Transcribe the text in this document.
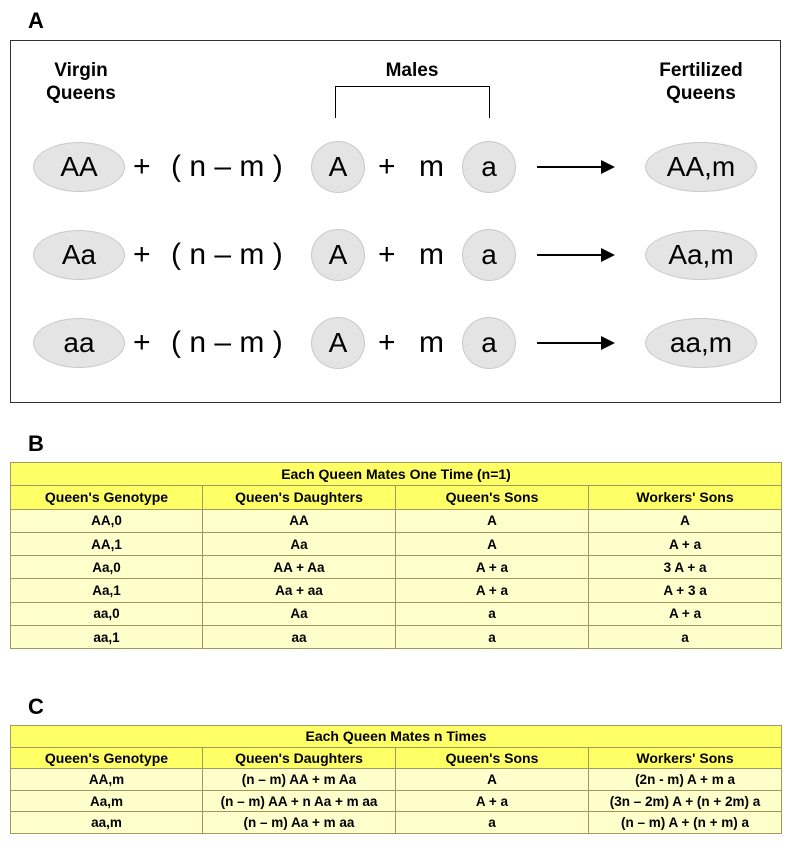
A
Virgin
Queens
Males	Fertilized
Queens
AA	+ ( n – m )	A	+ m	a	AA,m
Aa	+ ( n – m )	A	+ m	a	Aa,m
aa	+ ( n – m )	A	+ m	a	aa,m
B
Each Queen Mates One Time (n=1)			
Queen's Genotype	Queen's Daughters	Queen's Sons	Workers' Sons
AA,0	AA	A	A
AA,1	Aa	A	A + a
Aa,0	AA + Aa	A + a	3 A + a
Aa,1	Aa + aa	A + a	A + 3 a
aa,0	Aa	a	A + a
aa,1	aa	a	a
C
Each Queen Mates n Times			
Queen's Genotype	Queen's Daughters	Queen's Sons	Workers' Sons
AA,m	(n – m) AA + m Aa	A	(2n - m) A + m a
Aa,m	(n – m) AA + n Aa + m aa	A + a	(3n – 2m) A + (n + 2m) a
aa,m	(n – m) Aa + m aa	a	(n – m) A + (n + m) a
